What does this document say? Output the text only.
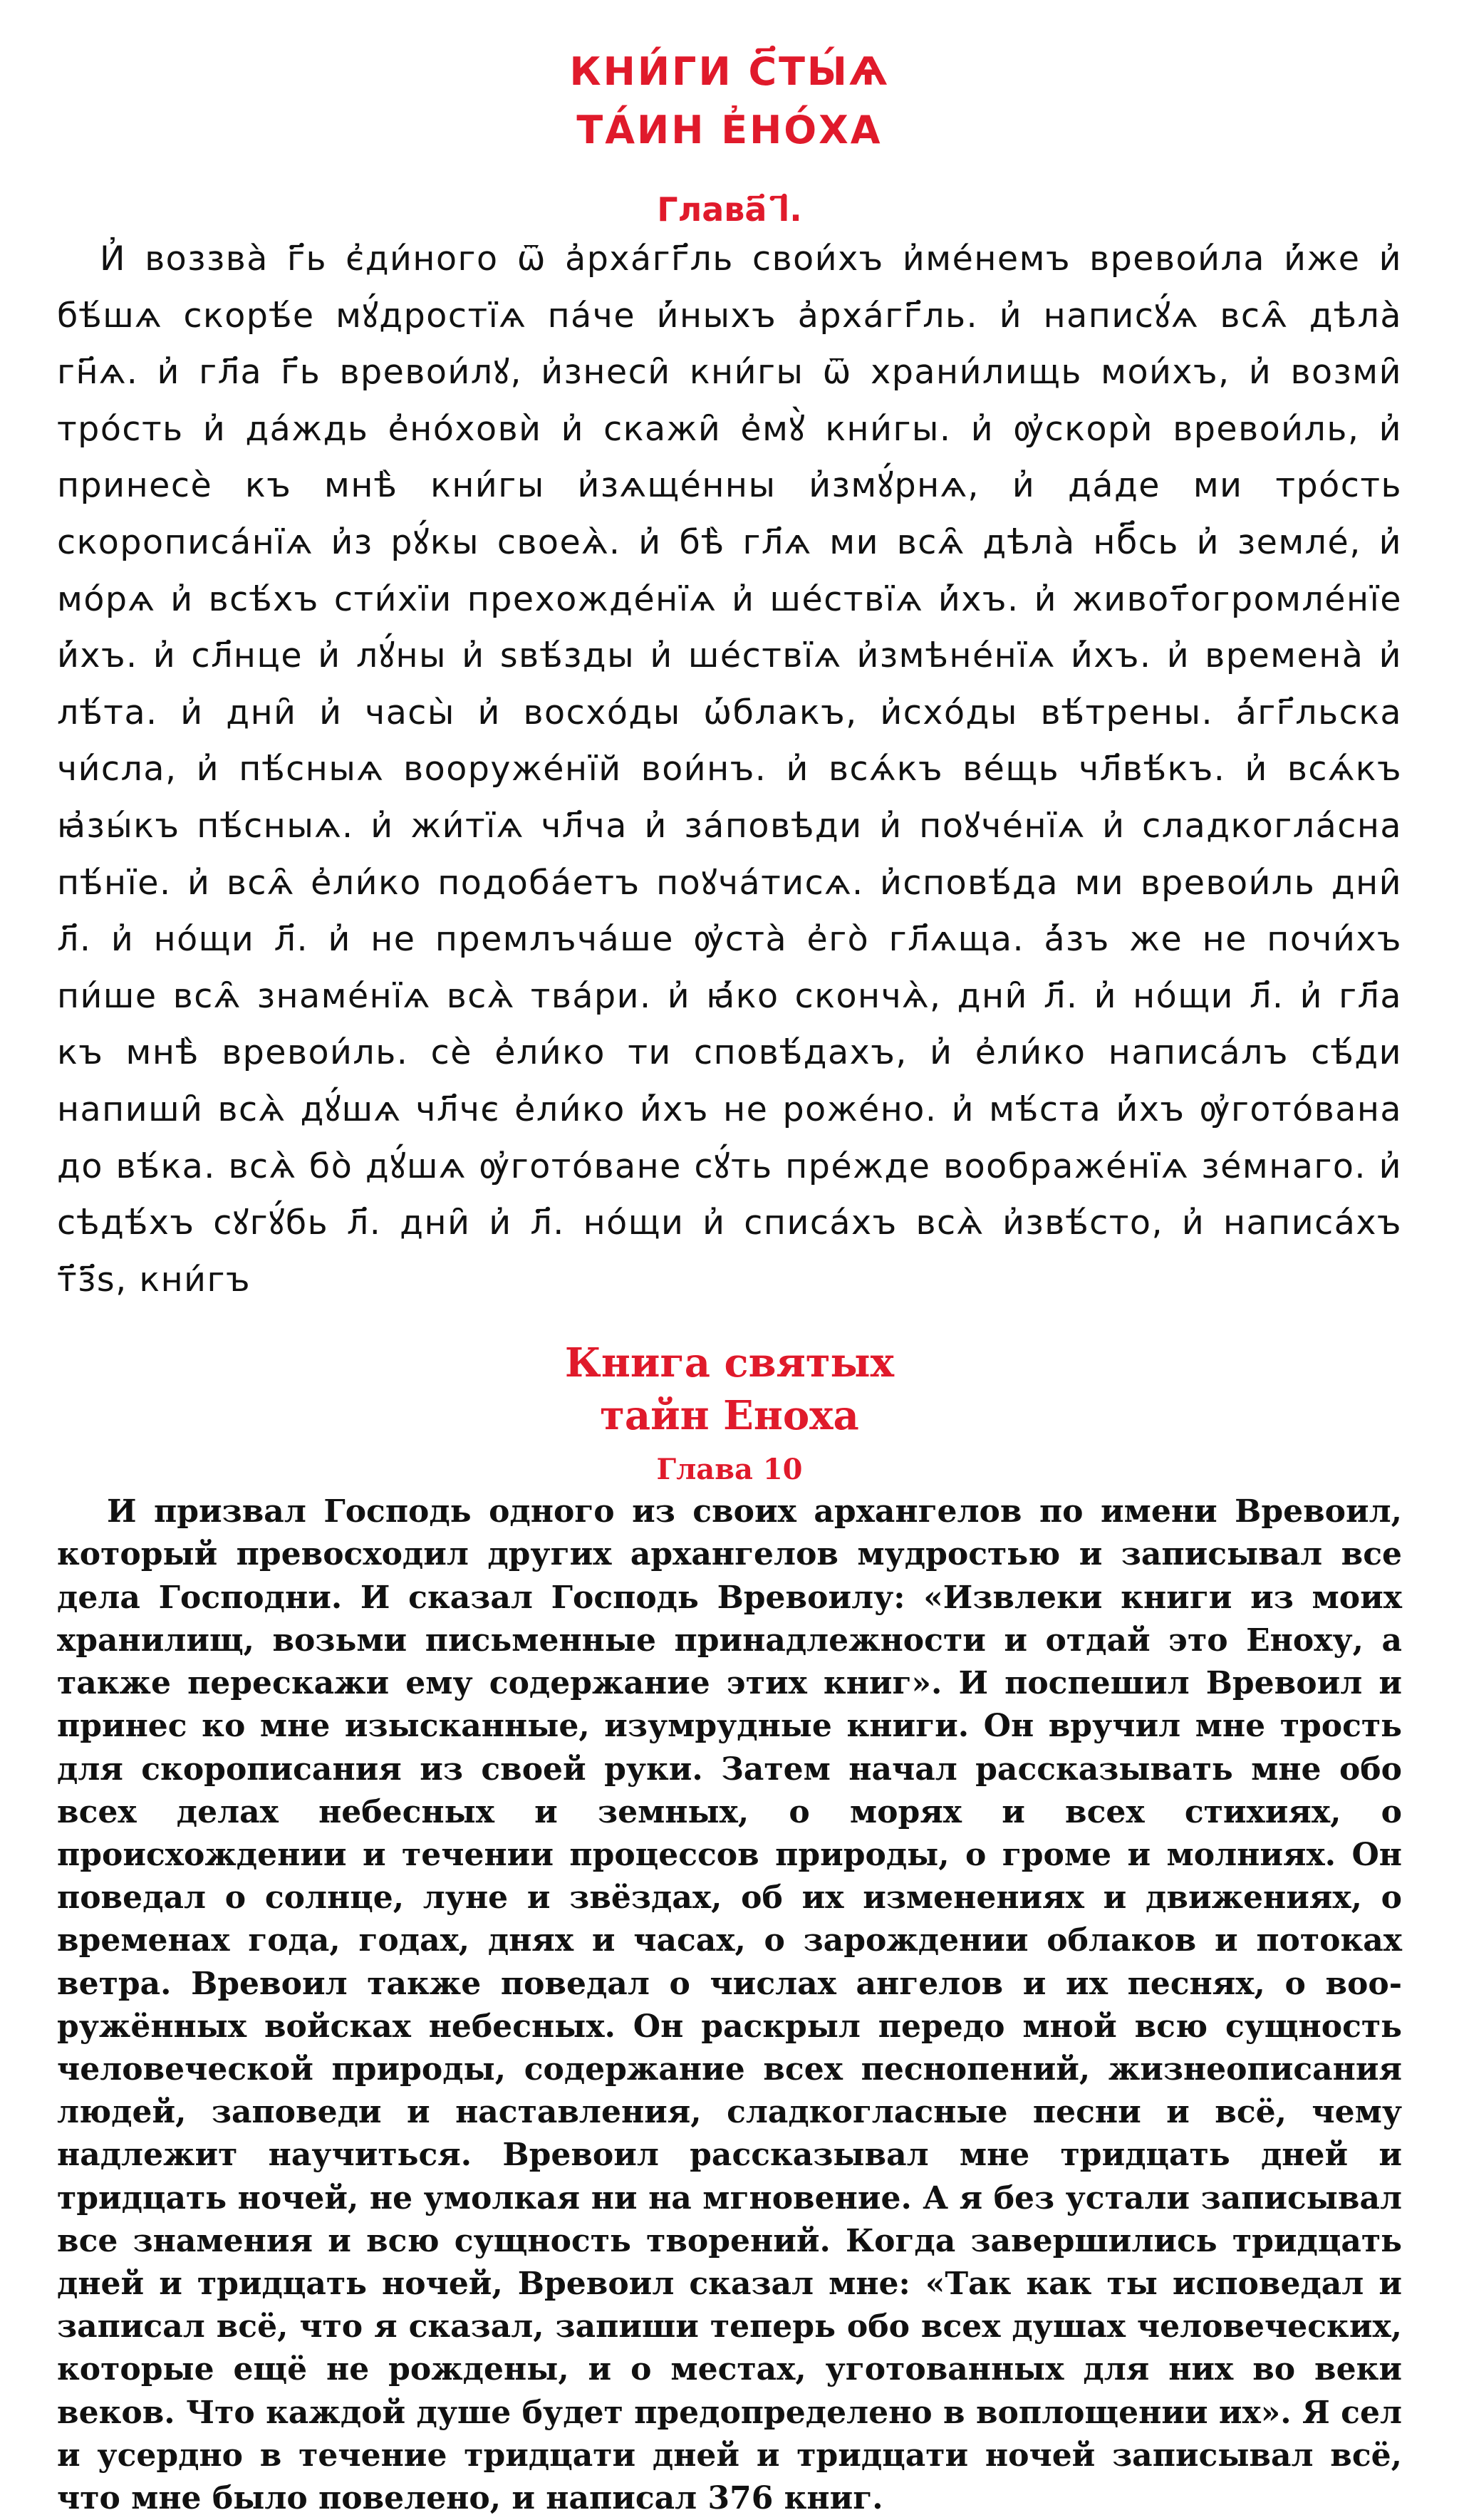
КНИ́ГИ С҃ТЫ́Ѧ
ТА́ИН Е҆НО́ХА
Глава҃ ӏ҃.

И҆ воззва̀ г҃ь є҆ди́ного ѿ а҆рха́гг҃ль свои́хъ и҆ме́немъ вревои́ла и҆́же и҆ бѣ́шѧ скорѣ́е мꙋ́дростїѧ па́че и҆́ныхъ а҆рха́гг҃ль. и҆ написꙋ́ѧ всѧ̑ дѣла̀ гн҃ѧ. и҆ гл҃а г҃ь вревои́лꙋ, и҆знеси̑ кни́гы ѿ храни́лищь мои́хъ, и҆ возми̑ тро́сть и҆ да́ждь е҆но́ховѝ и҆ скажи̑ е҆мꙋ̀ кни́гы. и҆ ѹ҆скорѝ вревои́ль, и҆ принесѐ къ мнѣ̀ кни́гы и҆зѧще́нны и҆змꙋ́рнѧ, и҆ да́де ми тро́сть скорописа́нїѧ и҆з рꙋ́кы своеѧ̀. и҆ бѣ̀ гл҃ѧ ми всѧ̑ дѣла̀ нб҃сь и҆ земле́, и҆ мо́рѧ и҆ всѣ́хъ сти́хїи прехожде́нїѧ и҆ ше́ствїѧ и҆́хъ. и҆ живот҃огромле́нїе и҆́хъ. и҆ сл҃нце и҆ лꙋ́ны и҆ ѕвѣ́зды и҆ ше́ствїѧ и҆змѣне́нїѧ и҆́хъ. и҆ времена̀ и҆ лѣ́та. и҆ дни̑ и҆ часы̀ и҆ восхо́ды ѡ҆́блакъ, и҆схо́ды вѣ́трены. а҆́гг҃льска чи́сла, и҆ пѣ́сныѧ вооруже́нїй вои́нъ. и҆ всѧ́къ ве́щь чл҃вѣ́къ. и҆ всѧ́къ ꙗ҆зы́къ пѣ́сныѧ. и҆ жи́тїѧ чл҃ча и҆ за́повѣди и҆ поꙋче́нїѧ и҆ сладкогла́сна пѣ́нїе. и҆ всѧ̑ е҆ли́ко подоба́етъ поꙋча́тисѧ. и҆сповѣ́да ми вревои́ль дни̑ л҃. и҆ но́щи л҃. и҆ не премлъча́ше ѹ҆ста̀ е҆го̀ гл҃ѧща. а҆́зъ же не почи́хъ пи́ше всѧ̑ знаме́нїѧ всѧ̀ тва́ри. и҆ ꙗ҆́ко скончѧ̀, дни̑ л҃. и҆ но́щи л҃. и҆ гл҃а къ мнѣ̀ вревои́ль. сѐ е҆ли́ко ти сповѣ́дахъ, и҆ е҆ли́ко написа́лъ сѣ́ди напиши̑ всѧ̀ дꙋ́шѧ чл҃чє е҆ли́ко и҆́хъ не роже́но. и҆ мѣ́ста и҆́хъ ѹ҆гото́вана до вѣ́ка. всѧ̀ бо̀ дꙋ́шѧ ѹ҆гото́ване сꙋ́ть пре́жде воображе́нїѧ зе́мнаго. и҆ сѣдѣ́хъ сꙋгꙋ́бь л҃. дни̑ и҆ л҃. но́щи и҆ списа́хъ всѧ̀ и҆звѣ́сто, и҆ написа́хъ т҃з҃ѕ, кни́гъ

Книга святых
тайн Еноха
Глава 10

И призвал Господь одного из своих архангелов по имени Вревоил, который превосходил других архангелов мудростью и записывал все дела Господни. И сказал Господь Вревоилу: «Извлеки книги из моих хранилищ, возьми письменные принадлежности и отдай это Еноху, а также перескажи ему содержание этих книг». И поспешил Вревоил и принес ко мне изысканные, изумрудные книги. Он вручил мне трость для скорописания из своей руки. Затем начал рассказывать мне обо всех делах небесных и земных, о морях и всех стихиях, о происхождении и течении процессов природы, о громе и молниях. Он поведал о солнце, луне и звёздах, об их изменениях и движениях, о временах года, годах, днях и часах, о зарождении облаков и потоках ветра. Вревоил также поведал о числах ангелов и их песнях, о вооружённых войсках небесных. Он раскрыл передо мной всю сущность человеческой природы, содержание всех песнопений, жизнеописания людей, заповеди и наставления, сладкогласные песни и всё, чему надлежит научиться. Вревоил рассказывал мне тридцать дней и тридцать ночей, не умолкая ни на мгновение. А я без устали записывал все знамения и всю сущность творений. Когда завершились тридцать дней и тридцать ночей, Вревоил сказал мне: «Так как ты исповедал и записал всё, что я сказал, запиши теперь обо всех душах человеческих, которые ещё не рождены, и о местах, уготованных для них во веки веков. Что каждой душе будет предопределено в воплощении их». Я сел и усердно в течение тридцати дней и тридцати ночей записывал всё, что мне было повелено, и написал 376 книг.
